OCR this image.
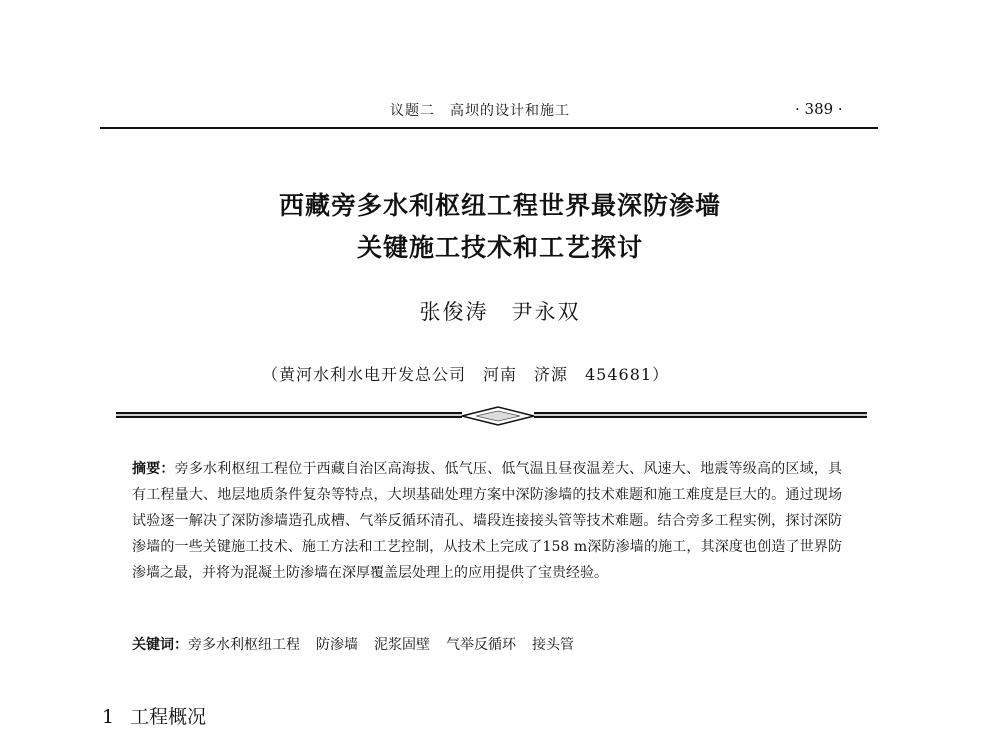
议题二　高坝的设计和施工	· 389 ·
西藏旁多水利枢纽工程世界最深防渗墙
关键施工技术和工艺探讨
张俊涛　尹永双
（黄河水利水电开发总公司　河南　济源　454681）
摘要：旁多水利枢纽工程位于西藏自治区高海拔、低气压、低气温且昼夜温差大、风速大、地震等级高的区域，具有工程量大、地层地质条件复杂等特点，大坝基础处理方案中深防渗墙的技术难题和施工难度是巨大的。通过现场试验逐一解决了深防渗墙造孔成槽、气举反循环清孔、墙段连接接头管等技术难题。结合旁多工程实例，探讨深防渗墙的一些关键施工技术、施工方法和工艺控制，从技术上完成了158 m深防渗墙的施工，其深度也创造了世界防渗墙之最，并将为混凝土防渗墙在深厚覆盖层处理上的应用提供了宝贵经验。
关键词：旁多水利枢纽工程 防渗墙 泥浆固壁 气举反循环 接头管
1 工程概况
